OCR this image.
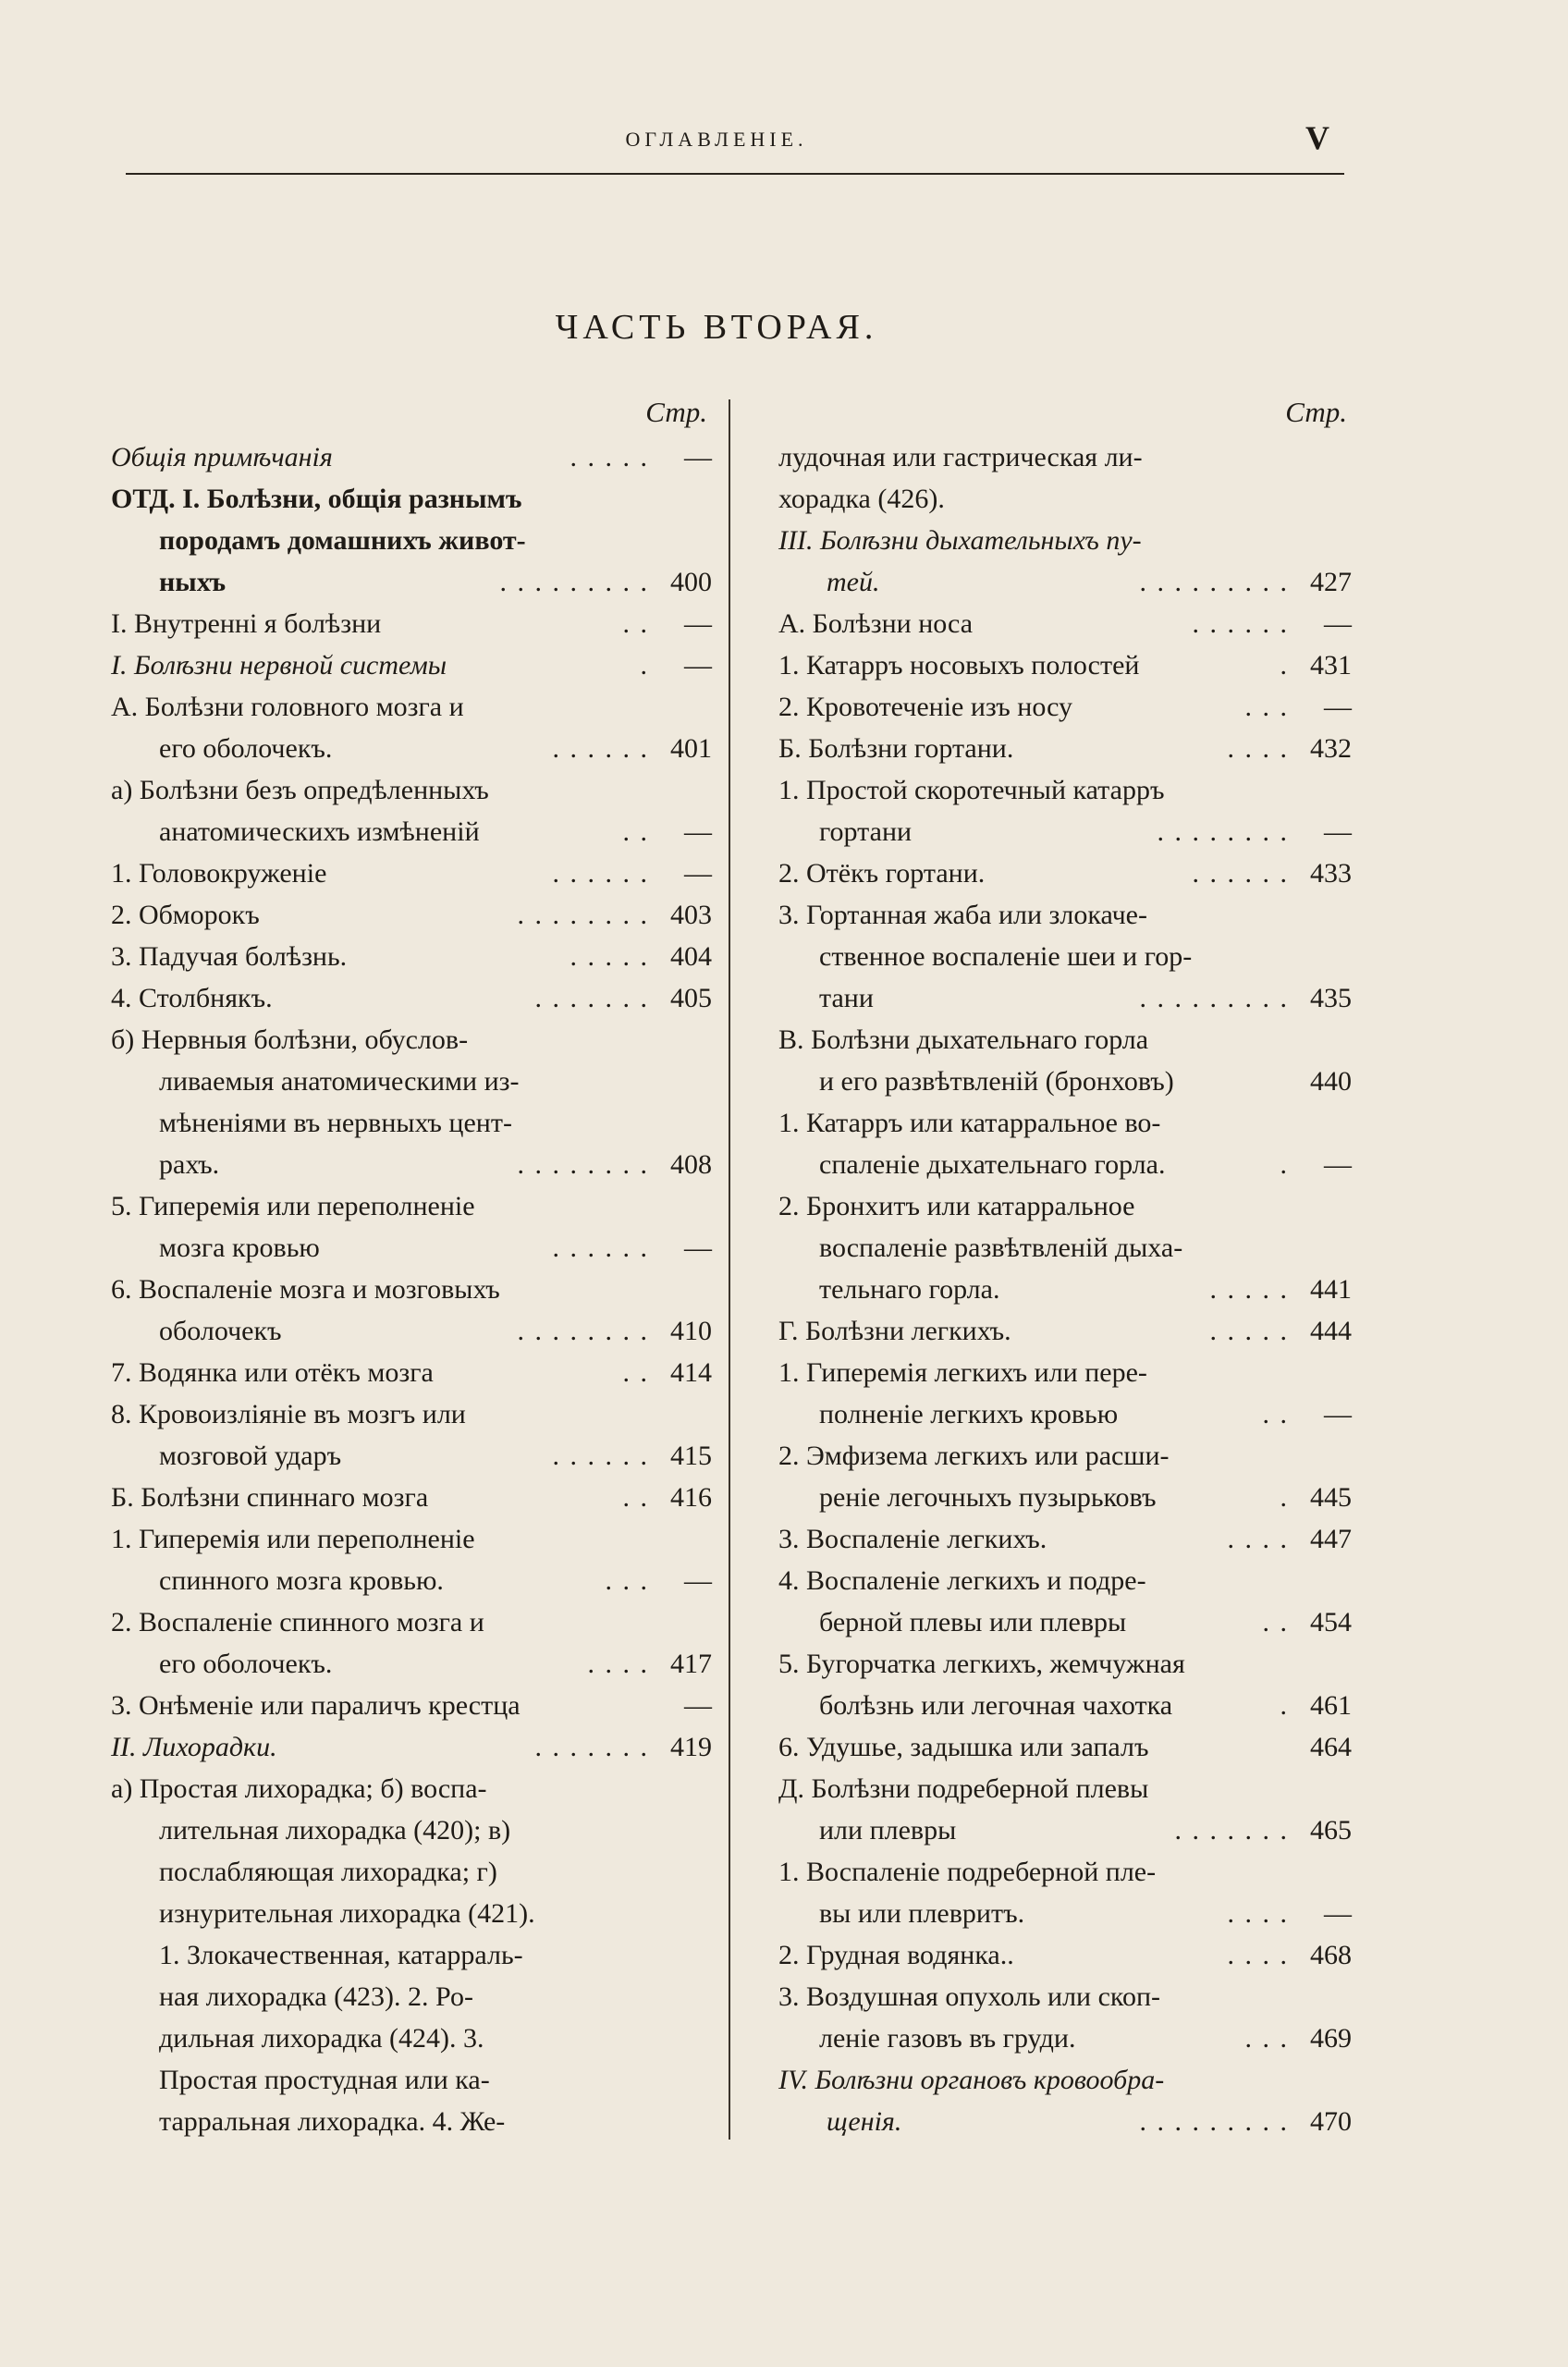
ОГЛАВЛЕНІЕ.	V
ЧАСТЬ ВТОРАЯ.
Стр.
Общія примѣчанія	. . . . .	—
ОТД. І. Болѣзни, общія разнымъ
породамъ домашнихъ живот-
ныхъ	. . . . . . . . . 400
I. Внутренні я болѣзни	. .	—
I. Болѣзни нервной системы	.	—
А. Болѣзни головного мозга и
его оболочекъ.	. . . . . . 401
а) Болѣзни безъ опредѣленныхъ
анатомическихъ измѣненій	. .	—
1. Головокруженіе	. . . . . .	—
2. Обморокъ	. . . . . . . . 403
3. Падучая болѣзнь.	. . . . . 404
4. Столбнякъ.	. . . . . . . 405
б) Нервныя болѣзни, обуслов-
ливаемыя анатомическими из-
мѣненіями въ нервныхъ цент-
рахъ.	. . . . . . . . 408
5. Гиперемія или переполненіе
мозга кровью	. . . . . .	—
6. Воспаленіе мозга и мозговыхъ
оболочекъ	. . . . . . . . 410
7. Водянка или отёкъ мозга	. . 414
8. Кровоизліяніе въ мозгъ или
мозговой ударъ	. . . . . . 415
Б. Болѣзни спиннаго мозга	. . 416
1. Гиперемія или переполненіе
спинного мозга кровью.	. . .	—
2. Воспаленіе спинного мозга и
его оболочекъ.	. . . . 417
3. Онѣменіе или параличъ крестца	—
II. Лихорадки.	. . . . . . . 419
а) Простая лихорадка; б) воспа-
лительная лихорадка (420); в)
послабляющая лихорадка; г)
изнурительная лихорадка (421).
1. Злокачественная, катарраль-
ная лихорадка (423). 2. Ро-
дильная лихорадка (424). 3.
Простая простудная или ка-
тарральная лихорадка. 4. Же-
Стр.
лудочная или гастрическая ли-
хорадка (426).
III. Болѣзни дыхательныхъ пу-
тей.	. . . . . . . . . 427
А. Болѣзни носа	. . . . . .	—
1. Катарръ носовыхъ полостей	. 431
2. Кровотеченіе изъ носу	. . .	—
Б. Болѣзни гортани.	. . . . 432
1. Простой скоротечный катарръ
гортани	. . . . . . . .	—
2. Отёкъ гортани.	. . . . . . 433
3. Гортанная жаба или злокаче-
ственное воспаленіе шеи и гор-
тани	. . . . . . . . . 435
В. Болѣзни дыхательнаго горла
и его развѣтвленій (бронховъ)	440
1. Катарръ или катарральное во-
спаленіе дыхательнаго горла.	.	—
2. Бронхитъ или катарральное
воспаленіе развѣтвленій дыха-
тельнаго горла.	. . . . . 441
Г. Болѣзни легкихъ.	. . . . . 444
1. Гиперемія легкихъ или пере-
полненіе легкихъ кровью	. .	—
2. Эмфизема легкихъ или расши-
реніе легочныхъ пузырьковъ	. 445
3. Воспаленіе легкихъ.	. . . . 447
4. Воспаленіе легкихъ и подре-
берной плевы или плевры	. . 454
5. Бугорчатка легкихъ, жемчужная
болѣзнь или легочная чахотка	. 461
6. Удушье, задышка или запалъ	464
Д. Болѣзни подреберной плевы
или плевры	. . . . . . . 465
1. Воспаленіе подреберной пле-
вы или плевритъ.	. . . .	—
2. Грудная водянка..	. . . . 468
3. Воздушная опухоль или скоп-
леніе газовъ въ груди.	. . . 469
IV. Болѣзни органовъ кровообра-
щенія.	. . . . . . . . . 470
